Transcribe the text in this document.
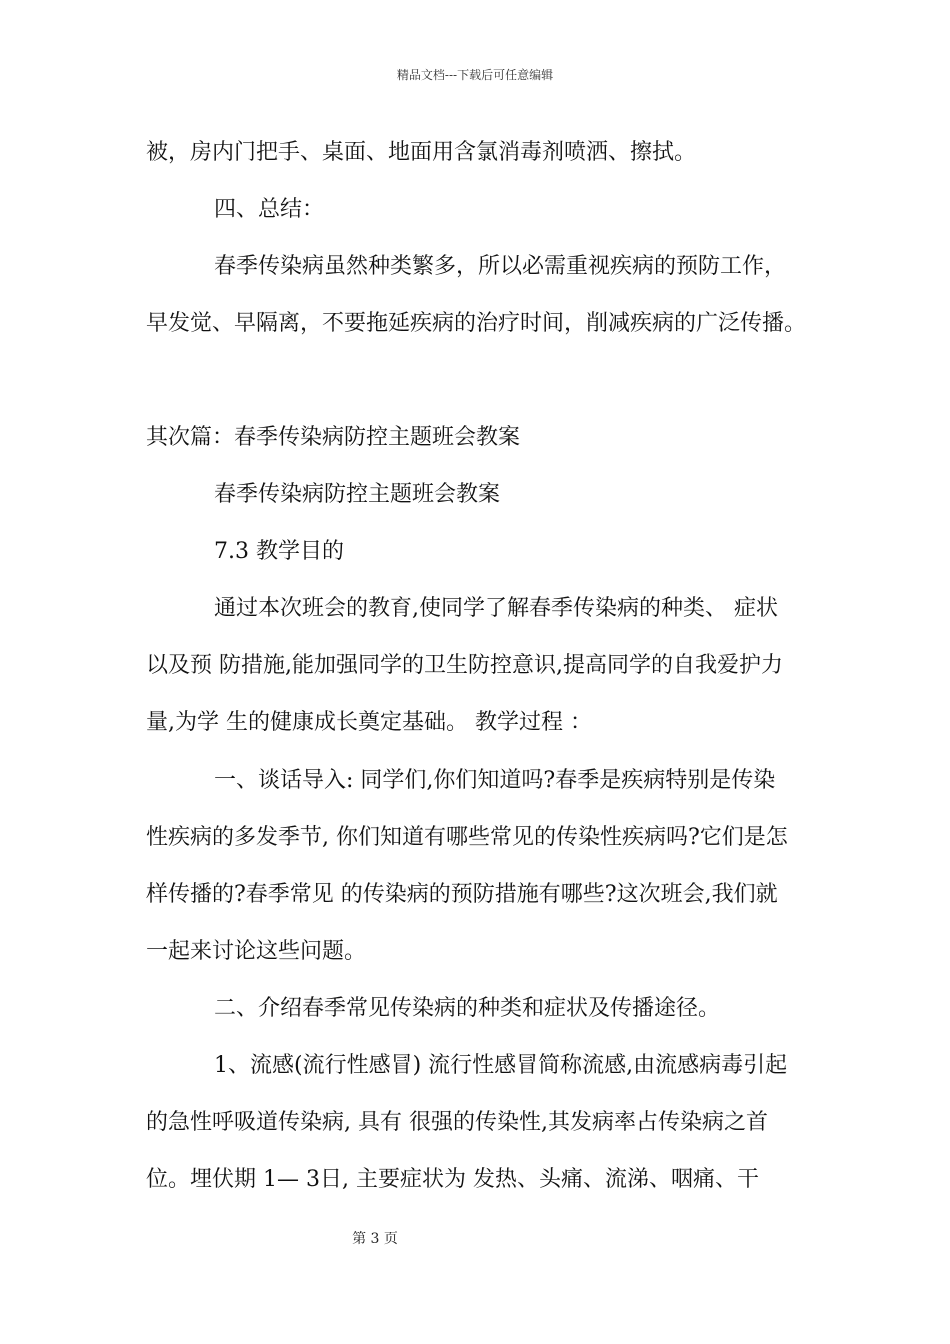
精品文档---下载后可任意编辑
被，房内门把手、桌面、地面用含氯消毒剂喷洒、擦拭。
四、总结：
春季传染病虽然种类繁多，所以必需重视疾病的预防工作，
早发觉、早隔离，不要拖延疾病的治疗时间，削减疾病的广泛传播。
其次篇：春季传染病防控主题班会教案
春季传染病防控主题班会教案
7.3 教学目的
通过本次班会的教育,使同学了解春季传染病的种类、 症状
以及预 防措施,能加强同学的卫生防控意识,提高同学的自我爱护力
量,为学 生的健康成长奠定基础。 教学过程 ：
一、谈话导入: 同学们,你们知道吗?春季是疾病特别是传染
性疾病的多发季节, 你们知道有哪些常见的传染性疾病吗?它们是怎
样传播的?春季常见 的传染病的预防措施有哪些?这次班会,我们就
一起来讨论这些问题。
二、介绍春季常见传染病的种类和症状及传播途径。
1、流感(流行性感冒) 流行性感冒简称流感,由流感病毒引起
的急性呼吸道传染病, 具有 很强的传染性,其发病率占传染病之首
位。埋伏期 1— 3日, 主要症状为 发热、头痛、流涕、咽痛、干
第 3 页
